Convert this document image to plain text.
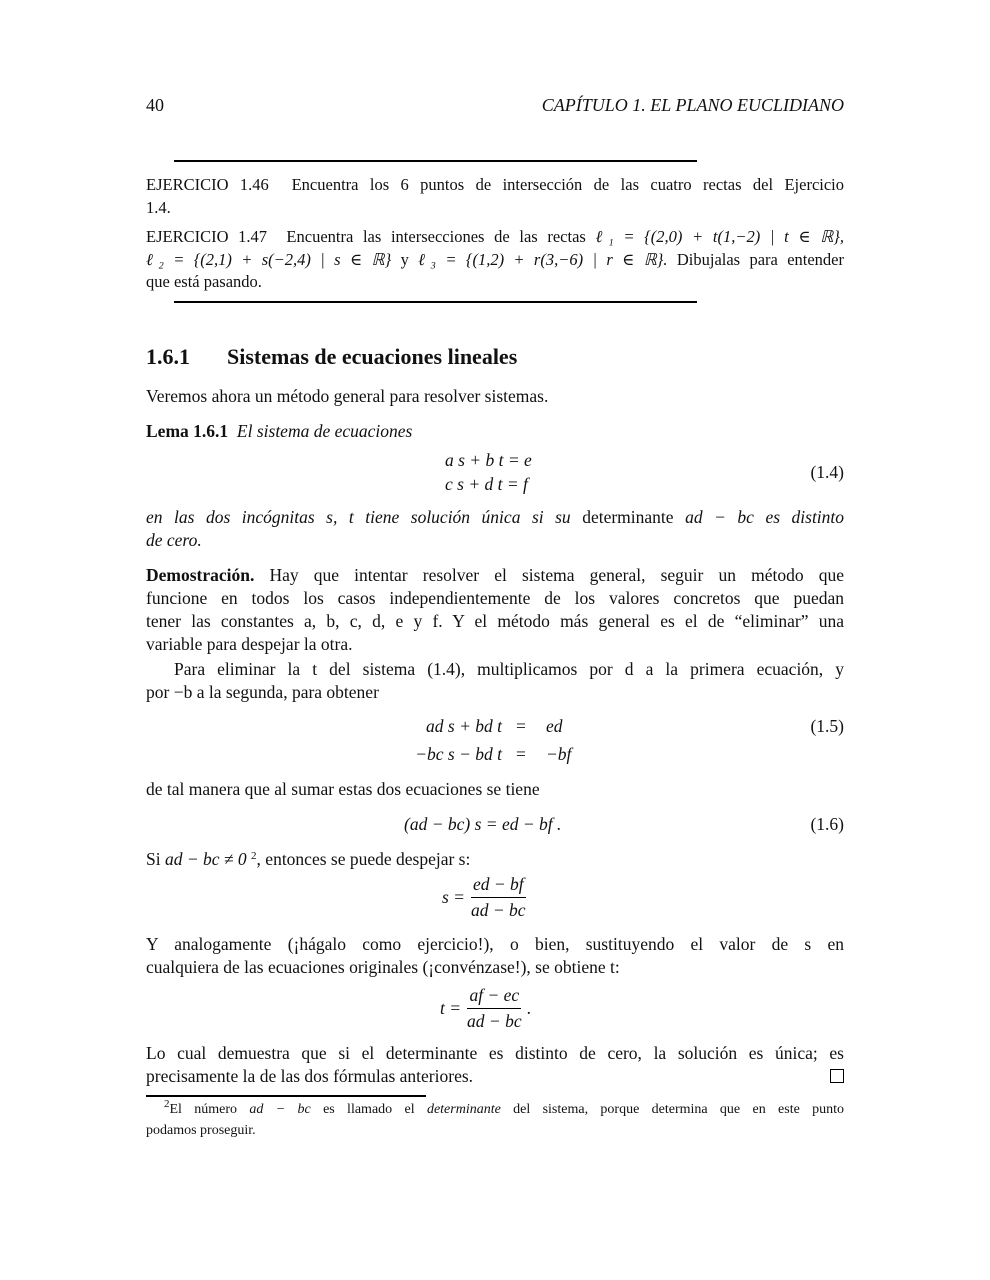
40	CAPÍTULO 1. EL PLANO EUCLIDIANO
EJERCICIO 1.46 Encuentra los 6 puntos de intersección de las cuatro rectas del Ejercicio
1.4.
EJERCICIO 1.47 Encuentra las intersecciones de las rectas ℓ₁ = {(2,0) + t(1,−2) | t ∈ ℝ},
ℓ₂ = {(2,1) + s(−2,4) | s ∈ ℝ} y ℓ₃ = {(1,2) + r(3,−6) | r ∈ ℝ}. Dibujalas para entender
que está pasando.
1.6.1 Sistemas de ecuaciones lineales
Veremos ahora un método general para resolver sistemas.
Lema 1.6.1 El sistema de ecuaciones
a s + b t = e
c s + d t = f
(1.4)
en las dos incógnitas s, t tiene solución única si su determinante ad − bc es distinto
de cero.
Demostración. Hay que intentar resolver el sistema general, seguir un método que
funcione en todos los casos independientemente de los valores concretos que puedan
tener las constantes a, b, c, d, e y f. Y el método más general es el de “eliminar” una
variable para despejar la otra.
Para eliminar la t del sistema (1.4), multiplicamos por d a la primera ecuación, y
por −b a la segunda, para obtener
ad s + bd t = ed
−bc s − bd t = −bf
(1.5)
de tal manera que al sumar estas dos ecuaciones se tiene
(ad − bc) s = ed − bf .	(1.6)
Si ad − bc ≠ 0 $^2$, entonces se puede despejar s:
$s = \frac{ed - bf}{ad - bc}$
Y analogamente (¡hágalo como ejercicio!), o bien, sustituyendo el valor de s en
cualquiera de las ecuaciones originales (¡convénzase!), se obtiene t:
$t = \frac{af - ec}{ad - bc}$ .
Lo cual demuestra que si el determinante es distinto de cero, la solución es única; es
precisamente la de las dos fórmulas anteriores.
$^2$El número ad − bc es llamado el determinante del sistema, porque determina que en este punto
podamos proseguir.
